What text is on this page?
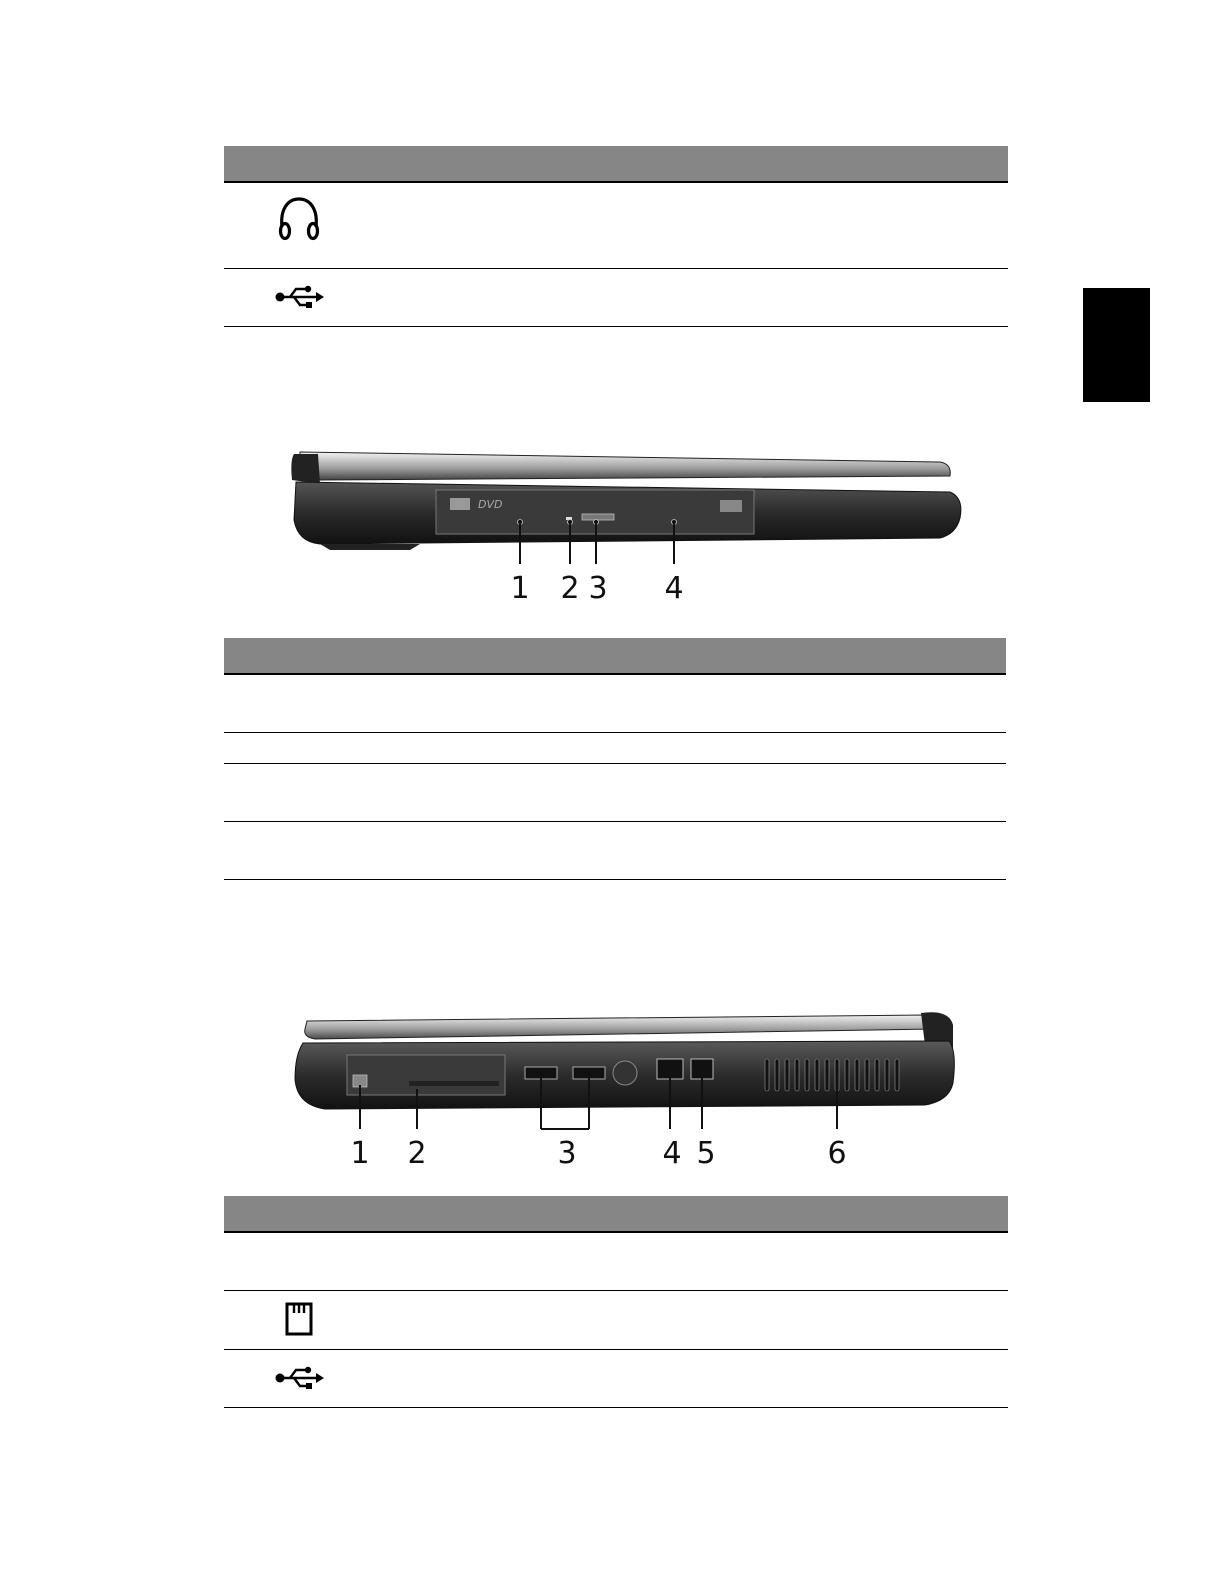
DVD
1 2 3 4
1 2	3	4 5	6
